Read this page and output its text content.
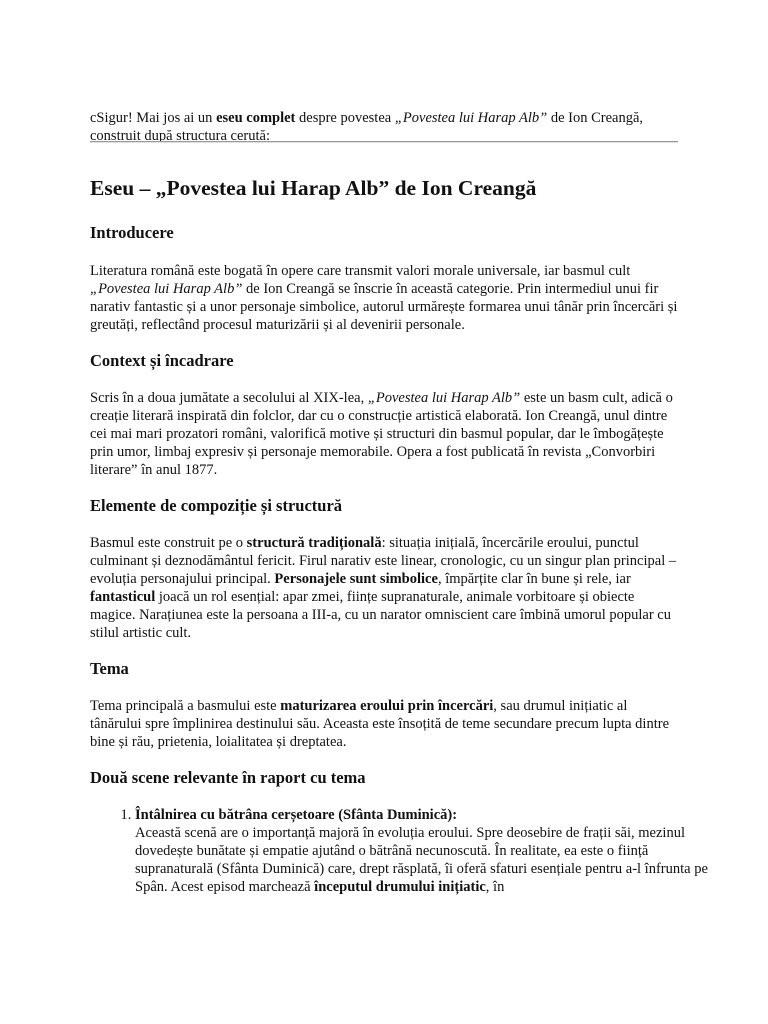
cSigur! Mai jos ai un eseu complet despre povestea „Povestea lui Harap Alb” de Ion Creangă, construit după structura cerută:

Eseu – „Povestea lui Harap Alb” de Ion Creangă
Introducere

Literatura română este bogată în opere care transmit valori morale universale, iar basmul cult „Povestea lui Harap Alb” de Ion Creangă se înscrie în această categorie. Prin intermediul unui fir narativ fantastic și a unor personaje simbolice, autorul urmărește formarea unui tânăr prin încercări și greutăți, reflectând procesul maturizării și al devenirii personale.

Context și încadrare

Scris în a doua jumătate a secolului al XIX-lea, „Povestea lui Harap Alb” este un basm cult, adică o creație literară inspirată din folclor, dar cu o construcție artistică elaborată. Ion Creangă, unul dintre cei mai mari prozatori români, valorifică motive și structuri din basmul popular, dar le îmbogățește prin umor, limbaj expresiv și personaje memorabile. Opera a fost publicată în revista „Convorbiri literare” în anul 1877.

Elemente de compoziție și structură

Basmul este construit pe o structură tradițională: situația inițială, încercările eroului, punctul culminant și deznodământul fericit. Firul narativ este linear, cronologic, cu un singur plan principal – evoluția personajului principal. Personajele sunt simbolice, împărțite clar în bune și rele, iar fantasticul joacă un rol esențial: apar zmei, ființe supranaturale, animale vorbitoare și obiecte magice. Narațiunea este la persoana a III-a, cu un narator omniscient care îmbină umorul popular cu stilul artistic cult.

Tema

Tema principală a basmului este maturizarea eroului prin încercări, sau drumul inițiatic al tânărului spre împlinirea destinului său. Aceasta este însoțită de teme secundare precum lupta dintre bine și rău, prietenia, loialitatea și dreptatea.

Două scene relevante în raport cu tema
1. Întâlnirea cu bătrâna cerșetoare (Sfânta Duminică):
Această scenă are o importanță majoră în evoluția eroului. Spre deosebire de frații săi, mezinul dovedește bunătate și empatie ajutând o bătrână necunoscută. În realitate, ea este o ființă supranaturală (Sfânta Duminică) care, drept răsplată, îi oferă sfaturi esențiale pentru a-l înfrunta pe Spân. Acest episod marchează începutul drumului inițiatic, în
